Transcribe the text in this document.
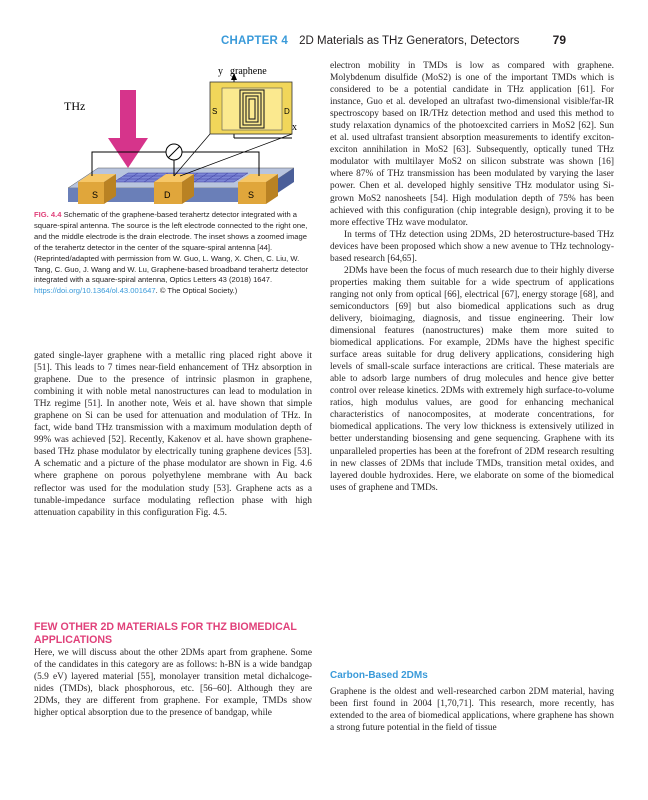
CHAPTER 4 2D Materials as THz Generators, Detectors	79
y graphene
x
S	D
THz
S	D	S
FIG. 4.4 Schematic of the graphene-based terahertz detector integrated with a square-spiral antenna. The source is the left electrode connected to the right one, and the middle electrode is the drain electrode. The inset shows a zoomed image of the terahertz detector in the center of the square-spiral antenna [44]. (Reprinted/adapted with permission from W. Guo, L. Wang, X. Chen, C. Liu, W. Tang, C. Guo, J. Wang and W. Lu, Graphene-based broadband terahertz detector integrated with a square-spiral antenna, Optics Letters 43 (2018) 1647. https://doi.org/10.1364/ol.43.001647. © The Optical Society.)

gated single-layer graphene with a metallic ring placed right above it [51]. This leads to 7 times near-field enhancement of THz absorption in graphene. Due to the presence of intrinsic plasmon in graphene, combining it with noble metal nanostructures can lead to modulation in THz regime [51]. In another note, Weis et al. have shown that simple graphene on Si can be used for attenuation and modulation of THz. In fact, wide band THz transmission with a maximum modulation depth of 99% was achieved [52]. Recently, Kakenov et al. have shown graphene-based THz phase modulator by electrically tuning graphene devices [53]. A schematic and a picture of the phase modulator are shown in Fig. 4.6 where graphene on porous polyethylene membrane with Au back reflector was used for the modulation study [53]. Graphene acts as a tunable-impedance surface modulating reflection phase with high attenuation capability in this configuration Fig. 4.5.

FEW OTHER 2D MATERIALS FOR THZ BIOMEDICAL APPLICATIONS

Here, we will discuss about the other 2DMs apart from graphene. Some of the candidates in this category are as follows: h-BN is a wide bandgap (5.9 eV) layered material [55], monolayer transition metal dichalcoge-nides (TMDs), black phosphorous, etc. [56–60]. Although they are 2DMs, they are different from graphene. For example, TMDs show higher optical absorption due to the presence of bandgap, while

electron mobility in TMDs is low as compared with graphene. Molybdenum disulfide (MoS2) is one of the important TMDs which is considered to be a potential candidate in THz application [61]. For instance, Guo et al. developed an ultrafast two-dimensional visible/far-IR spectroscopy based on IR/THz detection method and used this method to study relaxation dynamics of the photoexcited carriers in MoS2 [62]. Sun et al. used ultrafast transient absorption measurements to identify exciton-exciton annihilation in MoS2 [63]. Subsequently, optically tuned THz modulator with multilayer MoS2 on silicon substrate was shown [16] where 87% of THz transmission has been modulated by varying the laser power. Chen et al. developed highly sensitive THz modulator using Si-grown MoS2 nanosheets [54]. High modulation depth of 75% has been achieved with this configuration (chip integrable design), proving it to be more effective THz wave modulator.

In terms of THz detection using 2DMs, 2D heterostructure-based THz devices have been proposed which show a new avenue to THz technology-based research [64,65].

2DMs have been the focus of much research due to their highly diverse properties making them suitable for a wide spectrum of applications ranging not only from optical [66], electrical [67], energy storage [68], and semiconductors [69] but also biomedical applications such as drug delivery, bioimaging, diagnosis, and tissue engineering. Their low dimensional features (nanostructures) make them more suited to biomedical applications. For example, 2DMs have the highest specific surface areas suitable for drug delivery applications, considering high levels of small-scale surface interactions are critical. These materials are able to adsorb large numbers of drug molecules and hence give better control over release kinetics. 2DMs with extremely high surface-to-volume ratios, high modulus values, are good for enhancing mechanical characteristics of nanocomposites, at moderate concentrations, for biomedical applications. The very low thickness is extensively utilized in better understanding biosensing and gene sequencing. Graphene with its unparalleled properties has been at the forefront of 2DM research resulting in new classes of 2DMs that include TMDs, transition metal oxides, and layered double hydroxides. Here, we elaborate on some of the biomedical uses of graphene and TMDs.

Carbon-Based 2DMs

Graphene is the oldest and well-researched carbon 2DM material, having been first found in 2004 [1,70,71]. This research, more recently, has extended to the area of biomedical applications, where graphene has shown a strong future potential in the field of tissue
